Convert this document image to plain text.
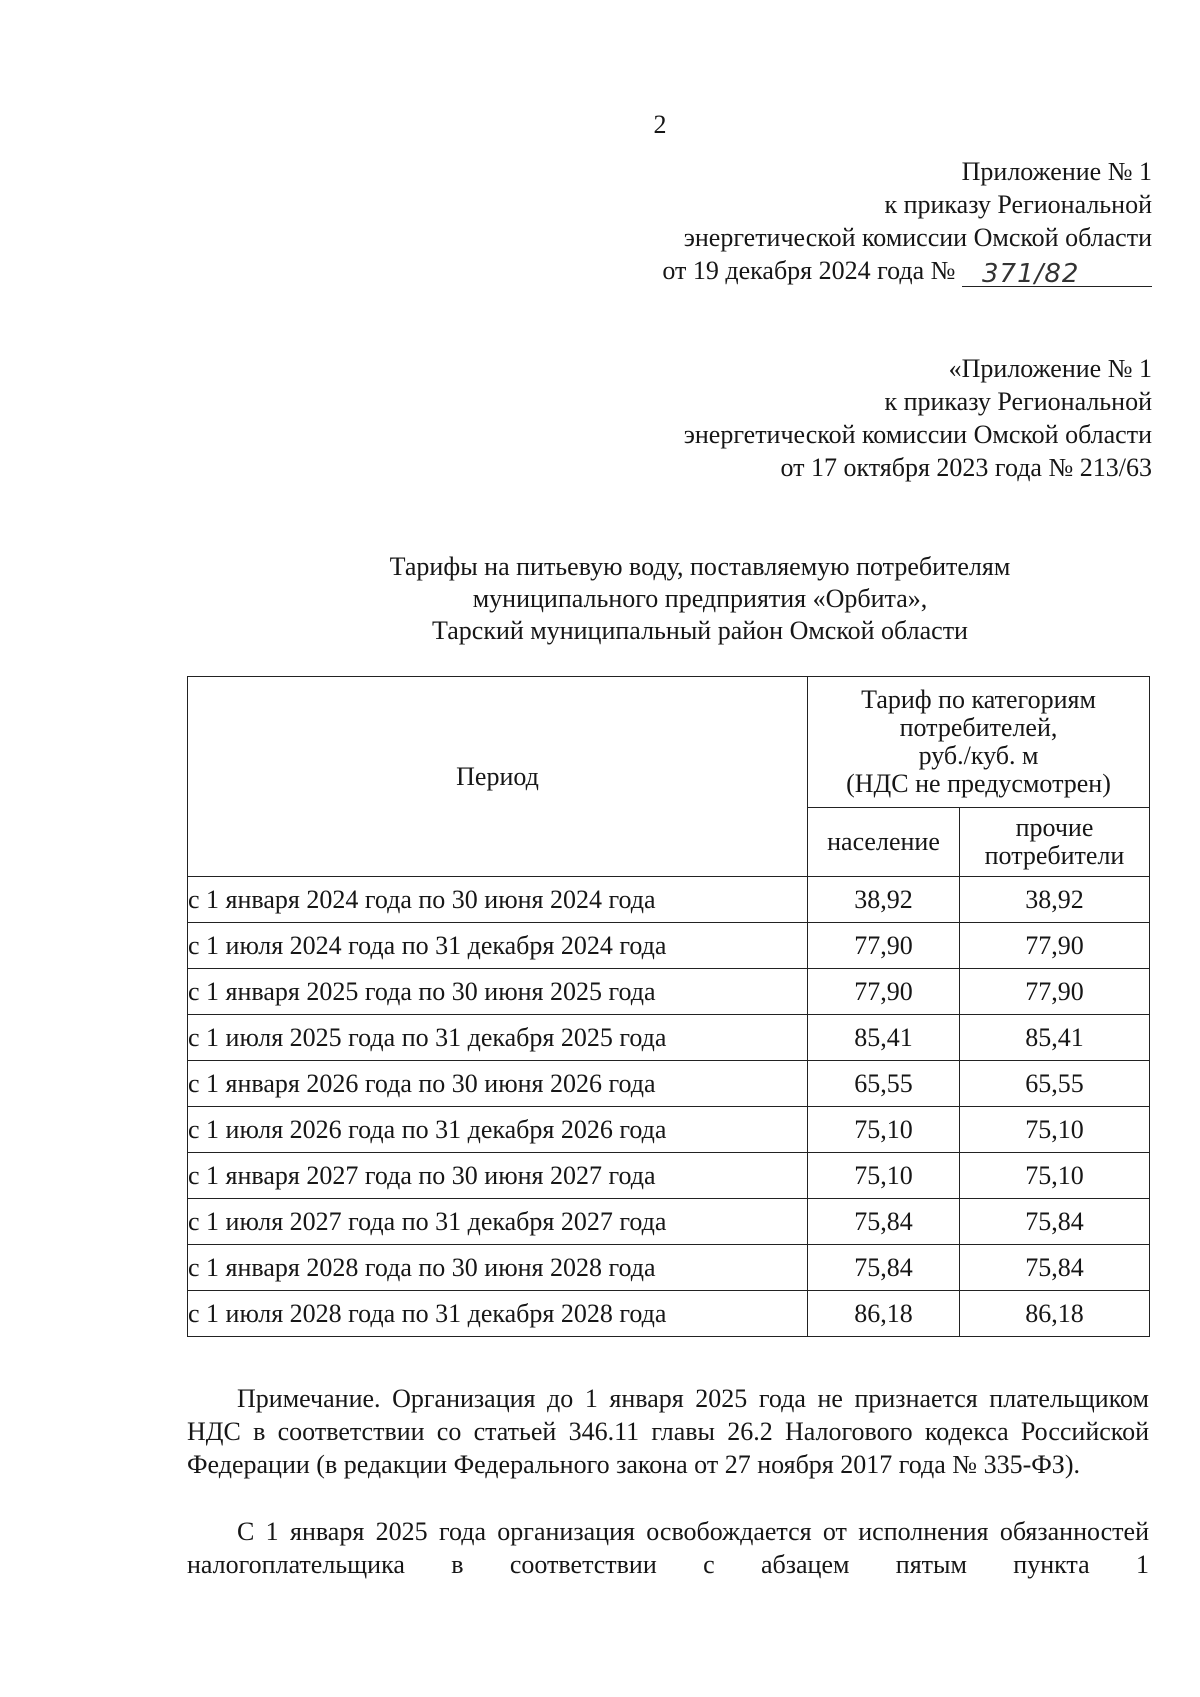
2
Приложение № 1
к приказу Региональной
энергетической комиссии Омской области
от 19 декабря 2024 года № 371/82
«Приложение № 1
к приказу Региональной
энергетической комиссии Омской области
от 17 октября 2023 года № 213/63
Тарифы на питьевую воду, поставляемую потребителям
муниципального предприятия «Орбита»,
Тарский муниципальный район Омской области
Период	Тариф по категориям
потребителей,
руб./куб. м
(НДС не предусмотрен)	

	население	прочие
потребители

с 1 января 2024 года по 30 июня 2024 года	38,92	38,92
с 1 июля 2024 года по 31 декабря 2024 года	77,90	77,90
с 1 января 2025 года по 30 июня 2025 года	77,90	77,90
с 1 июля 2025 года по 31 декабря 2025 года	85,41	85,41
с 1 января 2026 года по 30 июня 2026 года	65,55	65,55
с 1 июля 2026 года по 31 декабря 2026 года	75,10	75,10
с 1 января 2027 года по 30 июня 2027 года	75,10	75,10
с 1 июля 2027 года по 31 декабря 2027 года	75,84	75,84
с 1 января 2028 года по 30 июня 2028 года	75,84	75,84
с 1 июля 2028 года по 31 декабря 2028 года	86,18	86,18

Примечание. Организация до 1 января 2025 года не признается плательщиком НДС в соответствии со статьей 346.11 главы 26.2 Налогового кодекса Российской Федерации (в редакции Федерального закона от 27 ноября 2017 года № 335-ФЗ).

С 1 января 2025 года организация освобождается от исполнения обязанностей налогоплательщика в соответствии с абзацем пятым пункта 1
